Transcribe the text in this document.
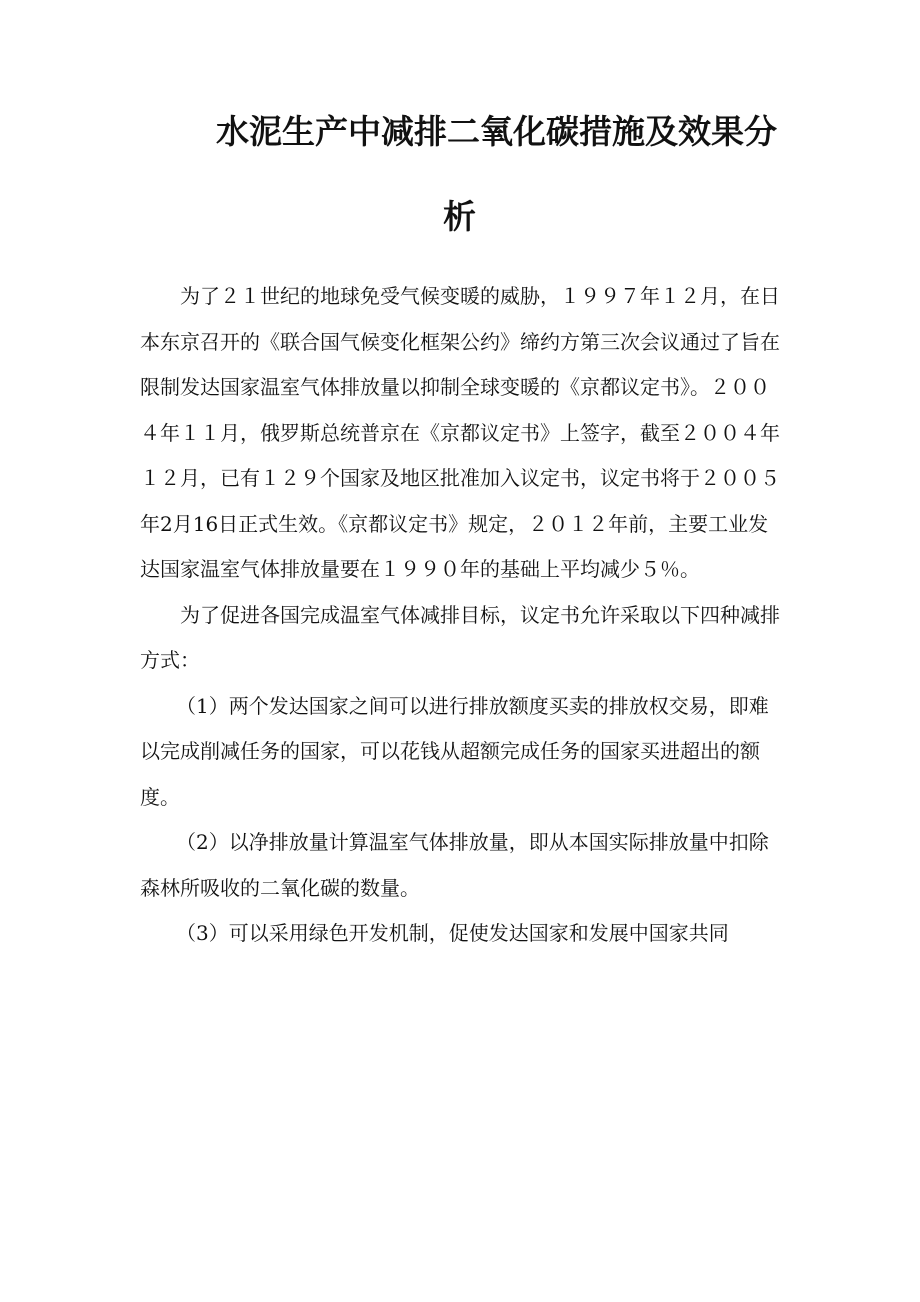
水泥生产中减排二氧化碳措施及效果分
析

为了２１世纪的地球免受气候变暖的威胁，１９９７年１２月，在日本东京召开的《联合国气候变化框架公约》缔约方第三次会议通过了旨在限制发达国家温室气体排放量以抑制全球变暖的《京都议定书》。２００４年１１月，俄罗斯总统普京在《京都议定书》上签字，截至２００４年１２月，已有１２９个国家及地区批准加入议定书，议定书将于２００５年2月16日正式生效。《京都议定书》规定，２０１２年前，主要工业发达国家温室气体排放量要在１９９０年的基础上平均减少５％。

为了促进各国完成温室气体减排目标，议定书允许采取以下四种减排方式：

（1）两个发达国家之间可以进行排放额度买卖的排放权交易，即难以完成削减任务的国家，可以花钱从超额完成任务的国家买进超出的额度。

（2）以净排放量计算温室气体排放量，即从本国实际排放量中扣除森林所吸收的二氧化碳的数量。

（3）可以采用绿色开发机制，促使发达国家和发展中国家共同
